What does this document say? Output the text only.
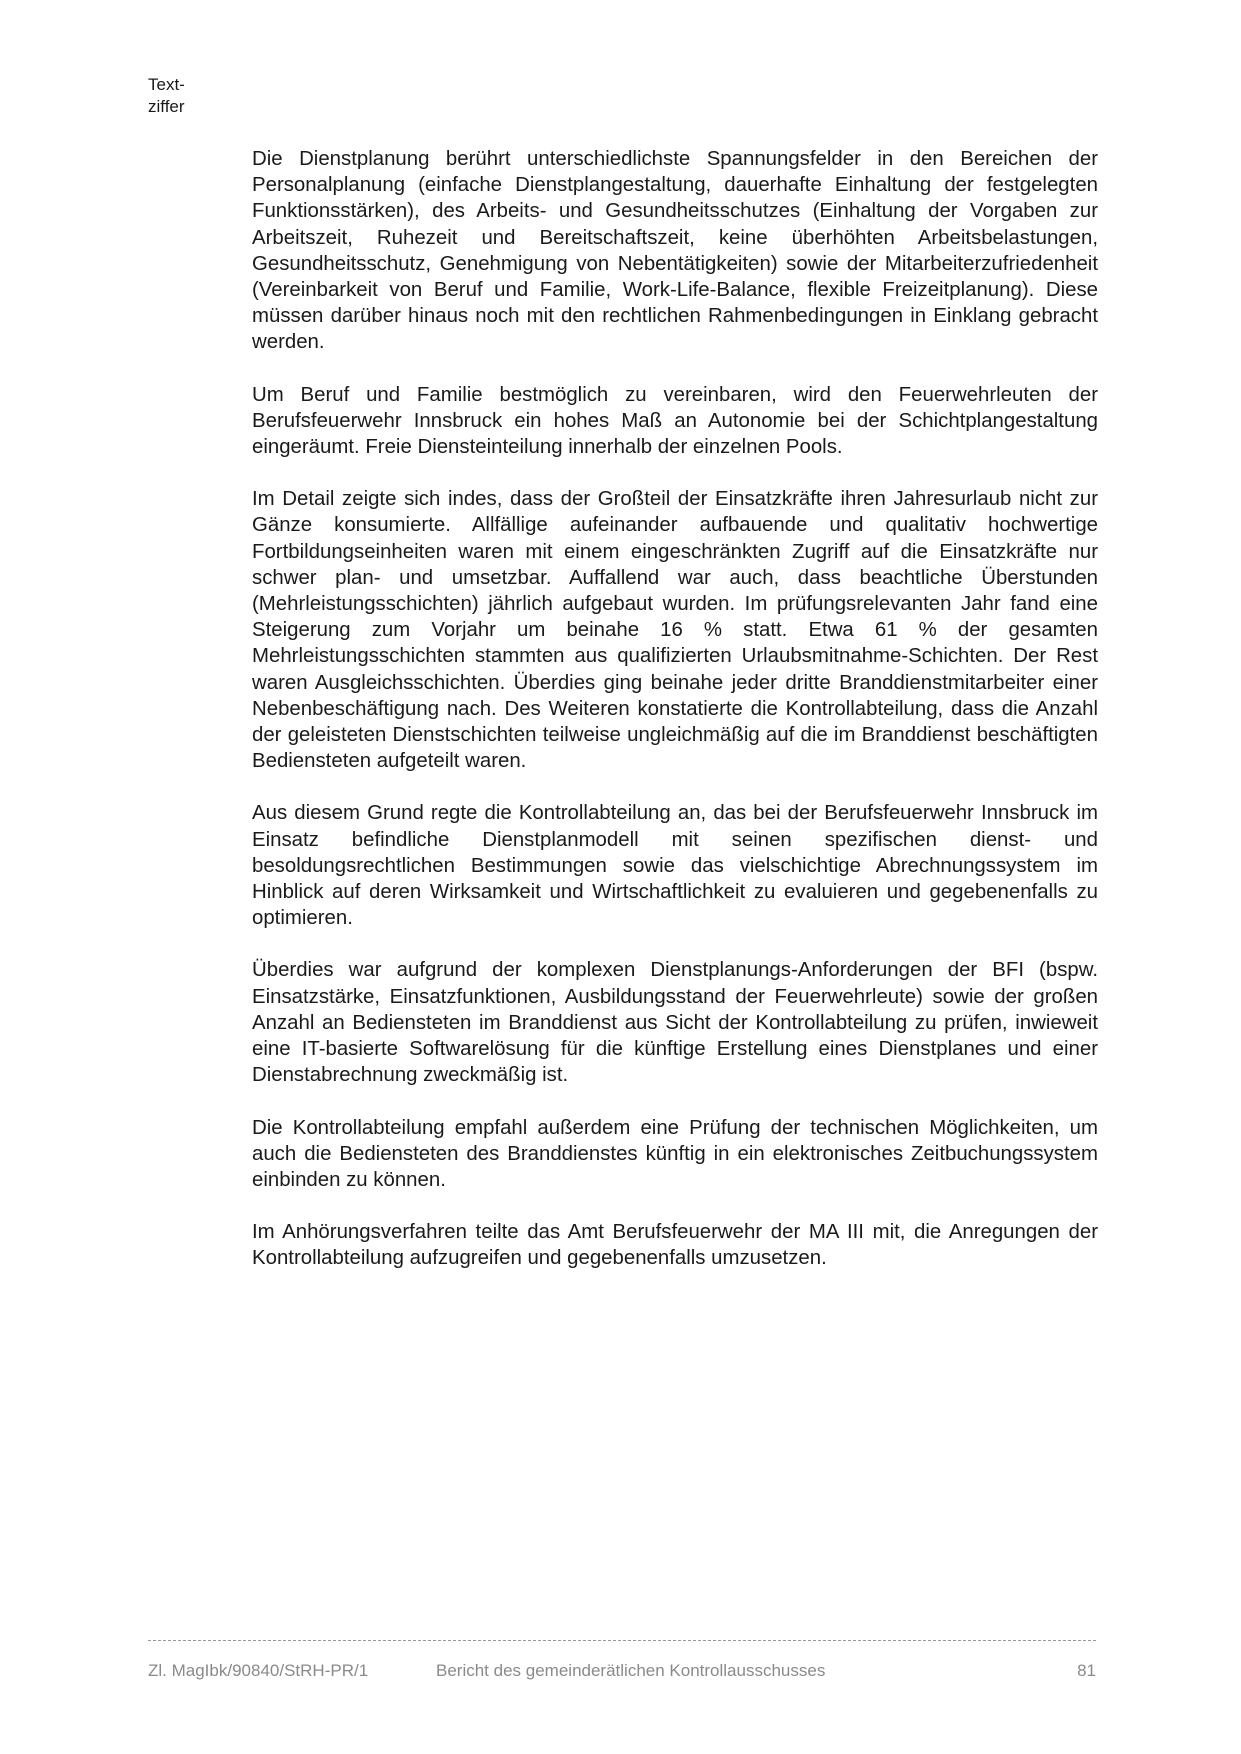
Text-
ziffer

Die Dienstplanung berührt unterschiedlichste Spannungsfelder in den Bereichen der Personalplanung (einfache Dienstplangestaltung, dauerhafte Einhaltung der festgelegten Funktionsstärken), des Arbeits- und Gesundheitsschutzes (Einhaltung der Vorgaben zur Arbeitszeit, Ruhezeit und Bereitschaftszeit, keine überhöhten Arbeitsbelastungen, Gesundheitsschutz, Genehmigung von Nebentätigkeiten) sowie der Mitarbeiterzufriedenheit (Vereinbarkeit von Beruf und Familie, Work-Life-Balance, flexible Freizeitplanung). Diese müssen darüber hinaus noch mit den rechtlichen Rahmenbedingungen in Einklang gebracht werden.

Um Beruf und Familie bestmöglich zu vereinbaren, wird den Feuerwehrleuten der Berufsfeuerwehr Innsbruck ein hohes Maß an Autonomie bei der Schichtplangestaltung eingeräumt. Freie Diensteinteilung innerhalb der einzelnen Pools.

Im Detail zeigte sich indes, dass der Großteil der Einsatzkräfte ihren Jahresurlaub nicht zur Gänze konsumierte. Allfällige aufeinander aufbauende und qualitativ hochwertige Fortbildungseinheiten waren mit einem eingeschränkten Zugriff auf die Einsatzkräfte nur schwer plan- und umsetzbar. Auffallend war auch, dass beachtliche Überstunden (Mehrleistungsschichten) jährlich aufgebaut wurden. Im prüfungsrelevanten Jahr fand eine Steigerung zum Vorjahr um beinahe 16 % statt. Etwa 61 % der gesamten Mehrleistungsschichten stammten aus qualifizierten Urlaubsmitnahme-Schichten. Der Rest waren Ausgleichsschichten. Überdies ging beinahe jeder dritte Branddienstmitarbeiter einer Nebenbeschäftigung nach. Des Weiteren konstatierte die Kontrollabteilung, dass die Anzahl der geleisteten Dienstschichten teilweise ungleichmäßig auf die im Branddienst beschäftigten Bediensteten aufgeteilt waren.

Aus diesem Grund regte die Kontrollabteilung an, das bei der Berufsfeuerwehr Innsbruck im Einsatz befindliche Dienstplanmodell mit seinen spezifischen dienst- und besoldungsrechtlichen Bestimmungen sowie das vielschichtige Abrechnungssystem im Hinblick auf deren Wirksamkeit und Wirtschaftlichkeit zu evaluieren und gegebenenfalls zu optimieren.

Überdies war aufgrund der komplexen Dienstplanungs-Anforderungen der BFI (bspw. Einsatzstärke, Einsatzfunktionen, Ausbildungsstand der Feuerwehrleute) sowie der großen Anzahl an Bediensteten im Branddienst aus Sicht der Kontrollabteilung zu prüfen, inwieweit eine IT-basierte Softwarelösung für die künftige Erstellung eines Dienstplanes und einer Dienstabrechnung zweckmäßig ist.

Die Kontrollabteilung empfahl außerdem eine Prüfung der technischen Möglichkeiten, um auch die Bediensteten des Branddienstes künftig in ein elektronisches Zeitbuchungssystem einbinden zu können.

Im Anhörungsverfahren teilte das Amt Berufsfeuerwehr der MA III mit, die Anregungen der Kontrollabteilung aufzugreifen und gegebenenfalls umzusetzen.

Zl. MagIbk/90840/StRH-PR/1	Bericht des gemeinderätlichen Kontrollausschusses	81
